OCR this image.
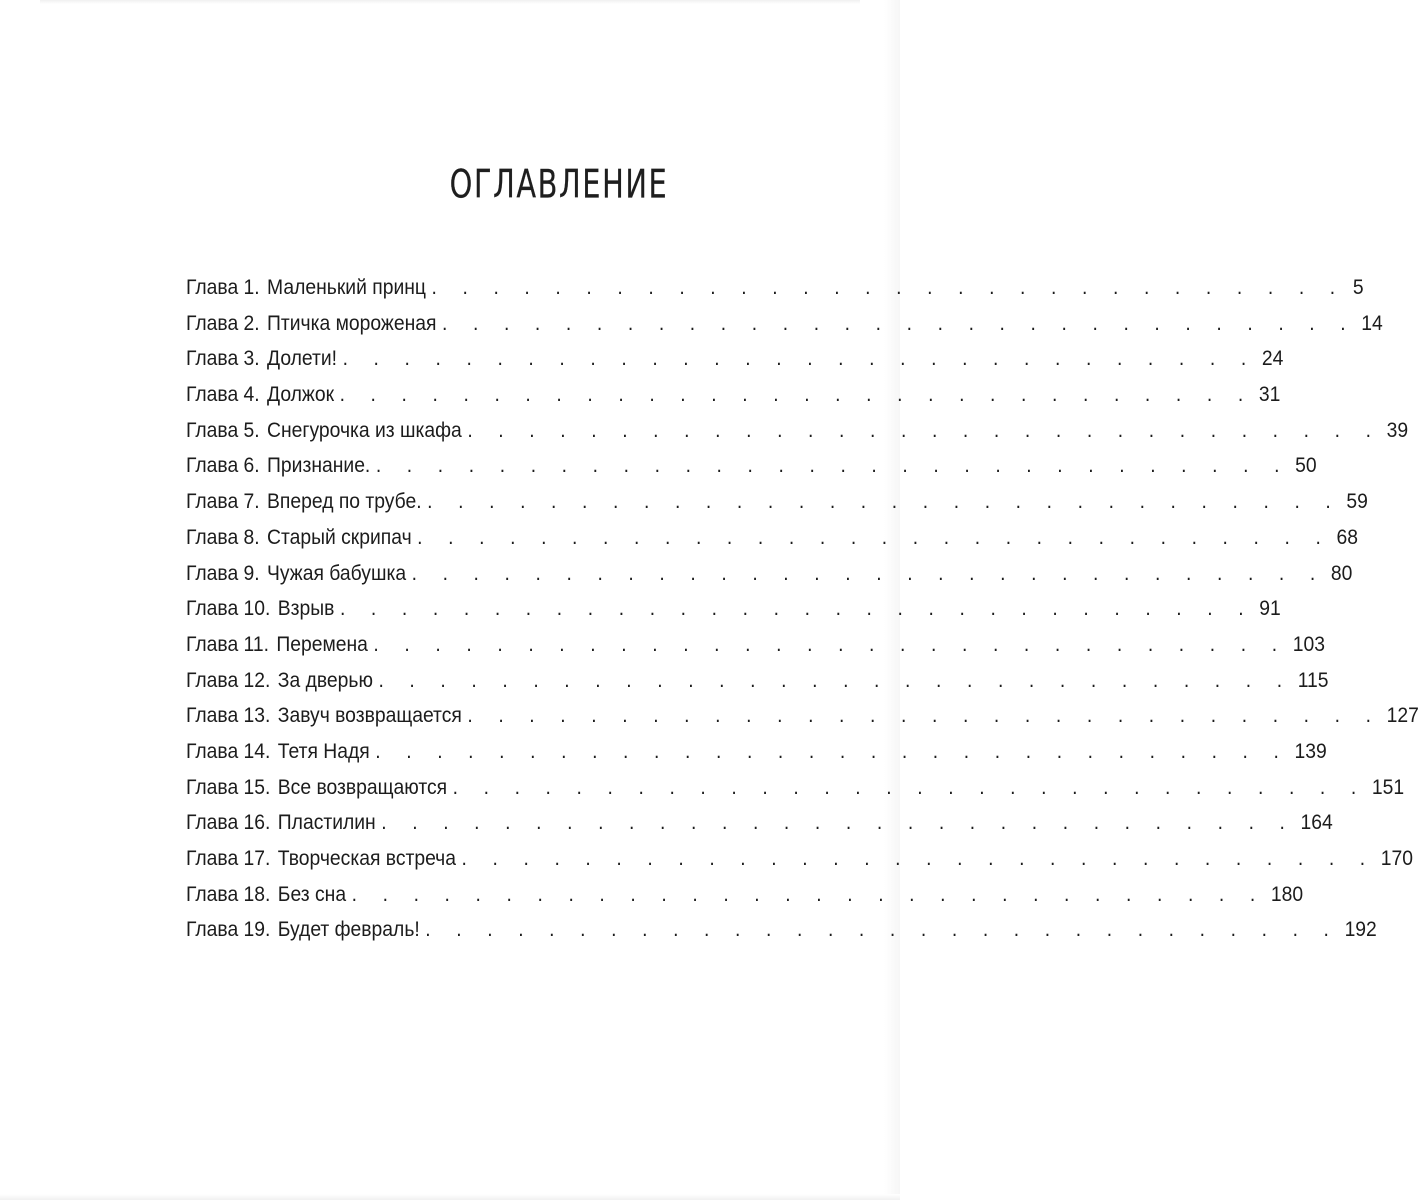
ОГЛАВЛЕНИЕ
Глава 1. Маленький принц . . . . . . . . . . . . . . . . . . . . . . . . . . . . . . 5
Глава 2. Птичка мороженая . . . . . . . . . . . . . . . . . . . . . . . . . . . . . . 14
Глава 3. Долети! . . . . . . . . . . . . . . . . . . . . . . . . . . . . . . 24
Глава 4. Должок . . . . . . . . . . . . . . . . . . . . . . . . . . . . . . 31
Глава 5. Снегурочка из шкафа . . . . . . . . . . . . . . . . . . . . . . . . . . . . . . 39
Глава 6. Признание. . . . . . . . . . . . . . . . . . . . . . . . . . . . . . . 50
Глава 7. Вперед по трубе. . . . . . . . . . . . . . . . . . . . . . . . . . . . . . . 59
Глава 8. Старый скрипач . . . . . . . . . . . . . . . . . . . . . . . . . . . . . . 68
Глава 9. Чужая бабушка . . . . . . . . . . . . . . . . . . . . . . . . . . . . . . 80
Глава 10. Взрыв . . . . . . . . . . . . . . . . . . . . . . . . . . . . . . 91
Глава 11. Перемена . . . . . . . . . . . . . . . . . . . . . . . . . . . . . . 103
Глава 12. За дверью . . . . . . . . . . . . . . . . . . . . . . . . . . . . . . 115
Глава 13. Завуч возвращается . . . . . . . . . . . . . . . . . . . . . . . . . . . . . . 127
Глава 14. Тетя Надя . . . . . . . . . . . . . . . . . . . . . . . . . . . . . . 139
Глава 15. Все возвращаются . . . . . . . . . . . . . . . . . . . . . . . . . . . . . . 151
Глава 16. Пластилин . . . . . . . . . . . . . . . . . . . . . . . . . . . . . . 164
Глава 17. Творческая встреча . . . . . . . . . . . . . . . . . . . . . . . . . . . . . . 170
Глава 18. Без сна . . . . . . . . . . . . . . . . . . . . . . . . . . . . . . 180
Глава 19. Будет февраль! . . . . . . . . . . . . . . . . . . . . . . . . . . . . . . 192
